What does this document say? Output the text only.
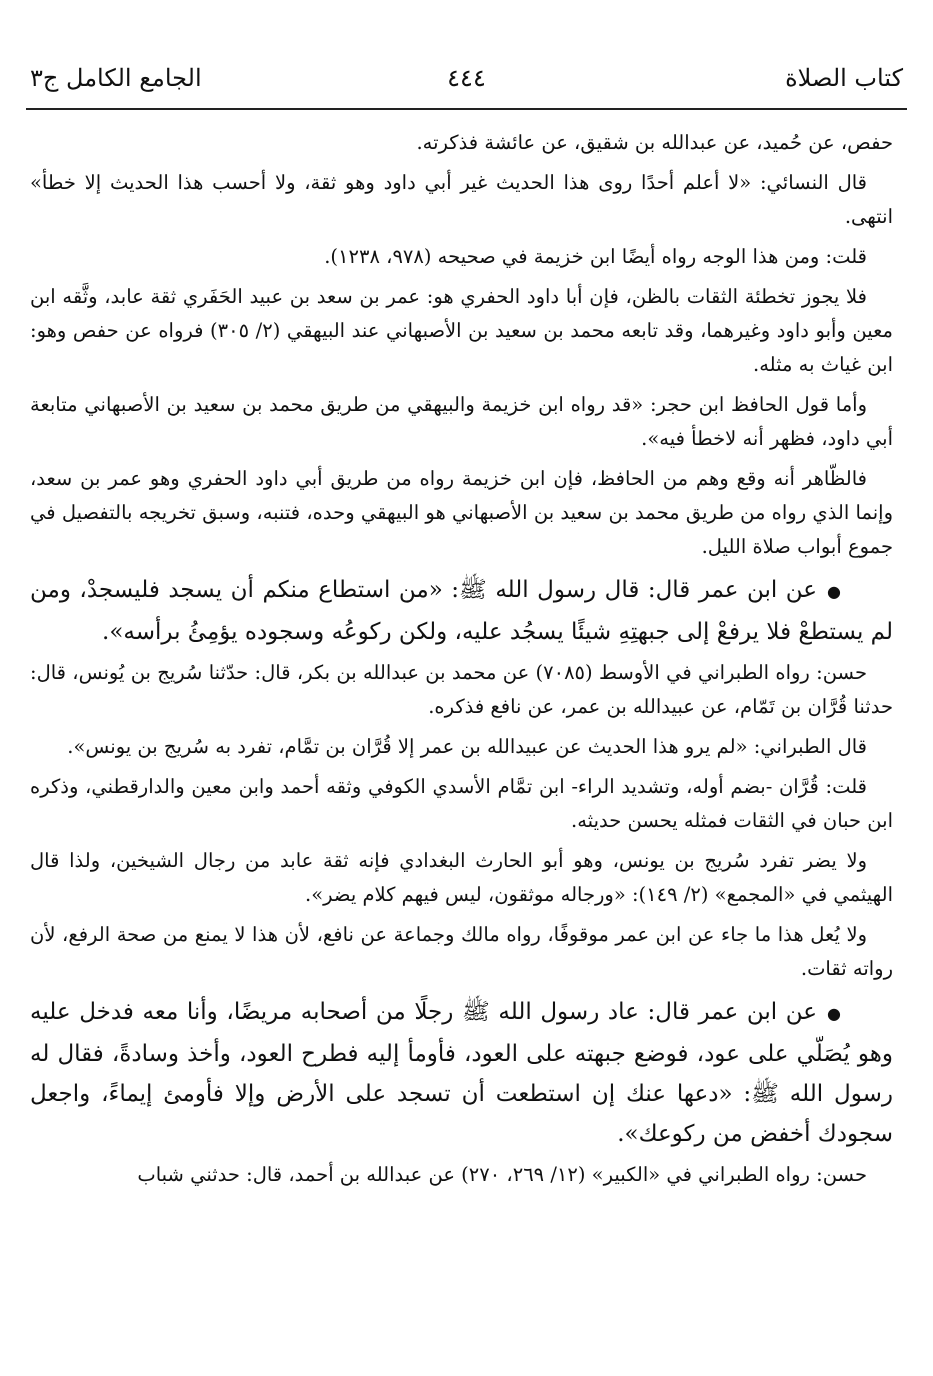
كتاب الصلاة
٤٤٤
الجامع الكامل ج٣

حفص، عن حُميد، عن عبدالله بن شقيق، عن عائشة فذكرته.

قال النسائي: «لا أعلم أحدًا روى هذا الحديث غير أبي داود وهو ثقة، ولا أحسب هذا الحديث إلا خطأ» انتهى.

قلت: ومن هذا الوجه رواه أيضًا ابن خزيمة في صحيحه (٩٧٨، ١٢٣٨).

فلا يجوز تخطئة الثقات بالظن، فإن أبا داود الحفري هو: عمر بن سعد بن عبيد الحَفَري ثقة عابد، وثَّقه ابن معين وأبو داود وغيرهما، وقد تابعه محمد بن سعيد بن الأصبهاني عند البيهقي (٢/ ٣٠٥) فرواه عن حفص وهو: ابن غياث به مثله.

وأما قول الحافظ ابن حجر: «قد رواه ابن خزيمة والبيهقي من طريق محمد بن سعيد بن الأصبهاني متابعة أبي داود، فظهر أنه لاخطأ فيه».

فالظّاهر أنه وقع وهم من الحافظ، فإن ابن خزيمة رواه من طريق أبي داود الحفري وهو عمر بن سعد، وإنما الذي رواه من طريق محمد بن سعيد بن الأصبهاني هو البيهقي وحده، فتنبه، وسبق تخريجه بالتفصيل في جموع أبواب صلاة الليل.

●عن ابن عمر قال: قال رسول الله ﷺ: «من استطاع منكم أن يسجد فليسجدْ، ومن لم يستطعْ فلا يرفعْ إلى جبهتِهِ شيئًا يسجُد عليه، ولكن ركوعُه وسجوده يؤمِئُ برأسه».

حسن: رواه الطبراني في الأوسط (٧٠٨٥) عن محمد بن عبدالله بن بكر، قال: حدّثنا سُريج بن يُونس، قال: حدثنا قُرَّان بن تَمّام، عن عبيدالله بن عمر، عن نافع فذكره.

قال الطبراني: «لم يرو هذا الحديث عن عبيدالله بن عمر إلا قُرَّان بن تمَّام، تفرد به سُريج بن يونس».

قلت: قُرَّان -بضم أوله، وتشديد الراء- ابن تمَّام الأسدي الكوفي وثقه أحمد وابن معين والدارقطني، وذكره ابن حبان في الثقات فمثله يحسن حديثه.

ولا يضر تفرد سُريج بن يونس، وهو أبو الحارث البغدادي فإنه ثقة عابد من رجال الشيخين، ولذا قال الهيثمي في «المجمع» (٢/ ١٤٩): «ورجاله موثقون، ليس فيهم كلام يضر».

ولا يُعل هذا ما جاء عن ابن عمر موقوفًا، رواه مالك وجماعة عن نافع، لأن هذا لا يمنع من صحة الرفع، لأن رواته ثقات.

●عن ابن عمر قال: عاد رسول الله ﷺ رجلًا من أصحابه مريضًا، وأنا معه فدخل عليه وهو يُصَلّي على عود، فوضع جبهته على العود، فأومأ إليه فطرح العود، وأخذ وسادةً، فقال له رسول الله ﷺ: «دعها عنك إن استطعت أن تسجد على الأرض وإلا فأومئ إيماءً، واجعل سجودك أخفض من ركوعك».

حسن: رواه الطبراني في «الكبير» (١٢/ ٢٦٩، ٢٧٠) عن عبدالله بن أحمد، قال: حدثني شباب
